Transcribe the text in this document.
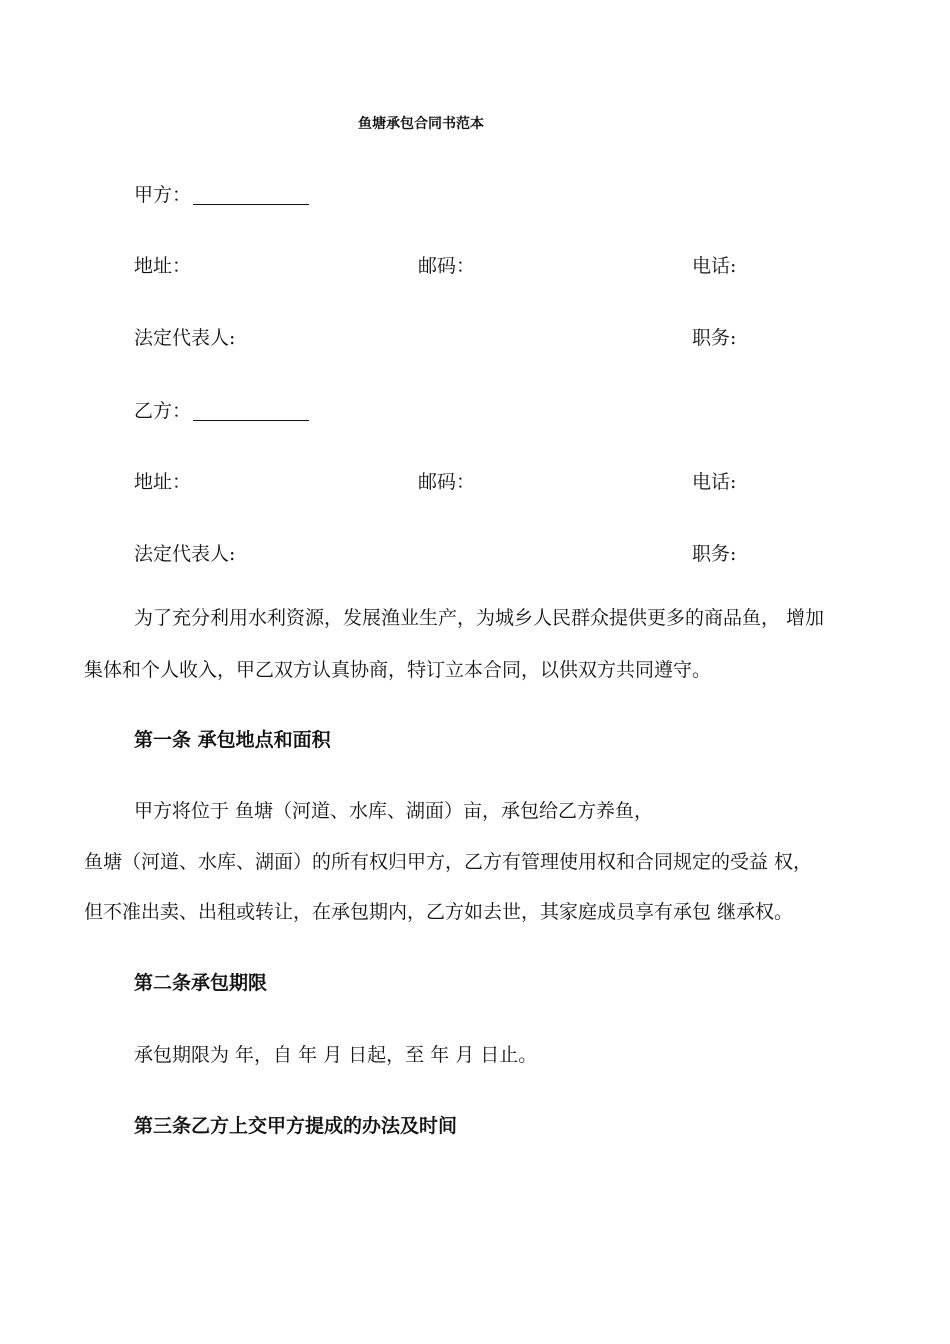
鱼塘承包合同书范本
甲方：
地址：	邮码：	电话:
法定代表人:	职务:
乙方：
地址：	邮码：	电话:
法定代表人:	职务:
为了充分利用水利资源，发展渔业生产，为城乡人民群众提供更多的商品鱼， 增加
集体和个人收入，甲乙双方认真协商，特订立本合同，以供双方共同遵守。
第一条 承包地点和面积
甲方将位于 鱼塘（河道、水库、湖面）亩，承包给乙方养鱼，
鱼塘（河道、水库、湖面）的所有权归甲方，乙方有管理使用权和合同规定的受益 权，
但不准出卖、出租或转让，在承包期内，乙方如去世，其家庭成员享有承包 继承权。
第二条承包期限
承包期限为 年，自 年 月 日起，至 年 月 日止。
第三条乙方上交甲方提成的办法及时间
